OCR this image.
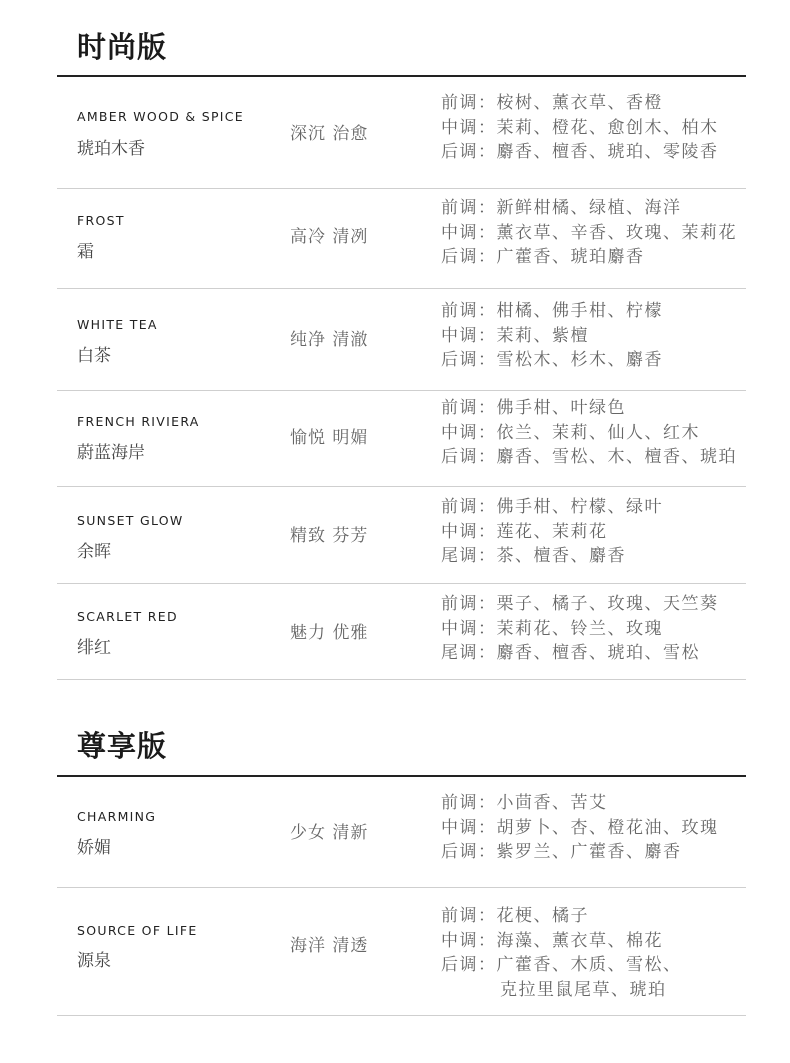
时尚版
AMBER WOOD & SPICE
琥珀木香
深沉 治愈
前调：桉树、薰衣草、香橙
中调：茉莉、橙花、愈创木、柏木
后调：麝香、檀香、琥珀、零陵香
FROST
霜
高冷 清冽
前调：新鲜柑橘、绿植、海洋
中调：薰衣草、辛香、玫瑰、茉莉花
后调：广藿香、琥珀麝香
WHITE TEA
白茶
纯净 清澈
前调：柑橘、佛手柑、柠檬
中调：茉莉、紫檀
后调：雪松木、杉木、麝香
FRENCH RIVIERA
蔚蓝海岸
愉悦 明媚
前调：佛手柑、叶绿色
中调：依兰、茉莉、仙人、红木
后调：麝香、雪松、木、檀香、琥珀
SUNSET GLOW
余晖
精致 芬芳
前调：佛手柑、柠檬、绿叶
中调：莲花、茉莉花
尾调：茶、檀香、麝香
SCARLET RED
绯红
魅力 优雅
前调：栗子、橘子、玫瑰、天竺葵
中调：茉莉花、铃兰、玫瑰
尾调：麝香、檀香、琥珀、雪松
尊享版
CHARMING
娇媚
少女 清新
前调：小茴香、苦艾
中调：胡萝卜、杏、橙花油、玫瑰
后调：紫罗兰、广藿香、麝香
SOURCE OF LIFE
源泉
海洋 清透
前调：花梗、橘子
中调：海藻、薰衣草、棉花
后调：广藿香、木质、雪松、
克拉里鼠尾草、琥珀
